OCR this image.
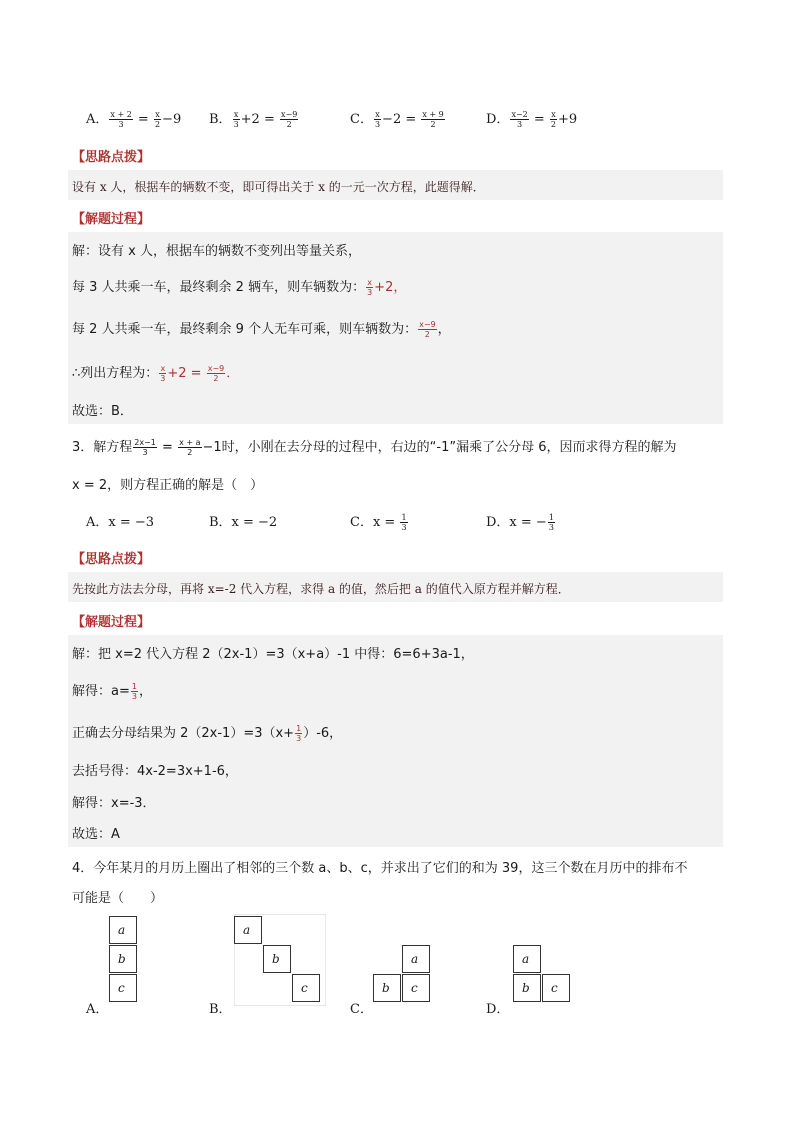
A． $\frac{x + 2}{3} = \frac{x}{2} -9$ B． $\frac{x}{3} +2 = \frac{x-9}{2}$	C． $\frac{x}{3} -2 = \frac{x + 9}{2}$	D． $\frac{x-2}{3} = \frac{x}{2} +9$
【思路点拨】
设有 x 人，根据车的辆数不变，即可得出关于 x 的一元一次方程，此题得解．
【解题过程】
解：设有 x 人，根据车的辆数不变列出等量关系，
每 3 人共乘一车，最终剩余 2 辆车，则车辆数为： $\frac{x}{3} +2$，
每 2 人共乘一车，最终剩余 9 个人无车可乘，则车辆数为： $\frac{x-9}{2}$ ，
∴列出方程为： $\frac{x}{3} +2 = \frac{x-9}{2}$ ．
故选：B．
3．解方程 $\frac{2x-1}{3} = \frac{x + a}{2} -1$时，小刚在去分母的过程中，右边的“-1”漏乘了公分母 6，因而求得方程的解为
x = 2，则方程正确的解是（　）
A．x = −3	B．x = −2	C．$x = \frac{1}{3}$	D．x = − $\frac{1}{3}$
【思路点拨】
先按此方法去分母，再将 x=-2 代入方程，求得 a 的值，然后把 a 的值代入原方程并解方程．
【解题过程】
解：把 x=2 代入方程 2（2x-1）=3（x+a）-1 中得：6=6+3a-1，
解得：$a= \frac{1}{3}$ ，
正确去分母结果为 $2(2x-1)=3(x+ \frac{1}{3} )-6$，
去括号得：4x-2=3x+1-6，
解得：x=-3．
故选：A
4．今年某月的月历上圈出了相邻的三个数 a、b、c，并求出了它们的和为 39，这三个数在月历中的排布不
可能是（　　）
A．
a
b
c
B．
a
b
c
C．
a
b	c
D．
a
b	c
